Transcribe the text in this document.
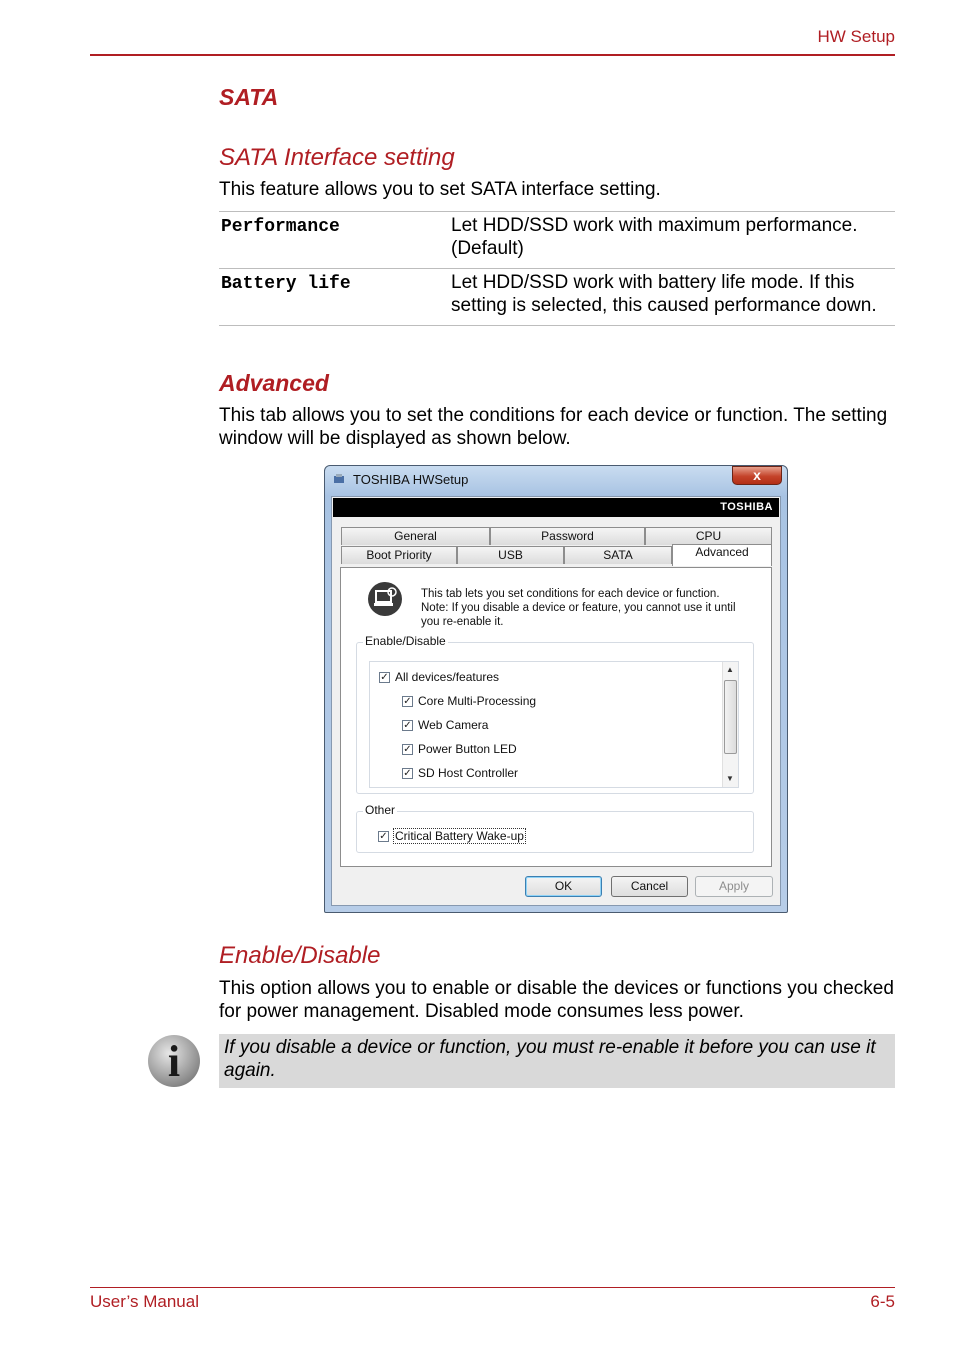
HW Setup
SATA
SATA Interface setting
This feature allows you to set SATA interface setting.
Performance	Let HDD/SSD work with maximum performance. (Default)
Battery life	Let HDD/SSD work with battery life mode. If this setting is selected, this caused performance down.
Advanced
This tab allows you to set the conditions for each device or function. The setting window will be displayed as shown below.
TOSHIBA HWSetup	x
TOSHIBA
General	Password	CPU
Boot Priority	USB	SATA	Advanced
This tab lets you set conditions for each device or function.
Note: If you disable a device or feature, you cannot use it until
you re-enable it.
Enable/Disable
✓ All devices/features
✓ Core Multi-Processing
✓ Web Camera
✓ Power Button LED
✓ SD Host Controller
▲
▼
Other
✓ Critical Battery Wake-up
OK	Cancel	Apply
Enable/Disable
This option allows you to enable or disable the devices or functions you checked for power management. Disabled mode consumes less power.
i	If you disable a device or function, you must re-enable it before you can use it again.
User’s Manual	6-5
